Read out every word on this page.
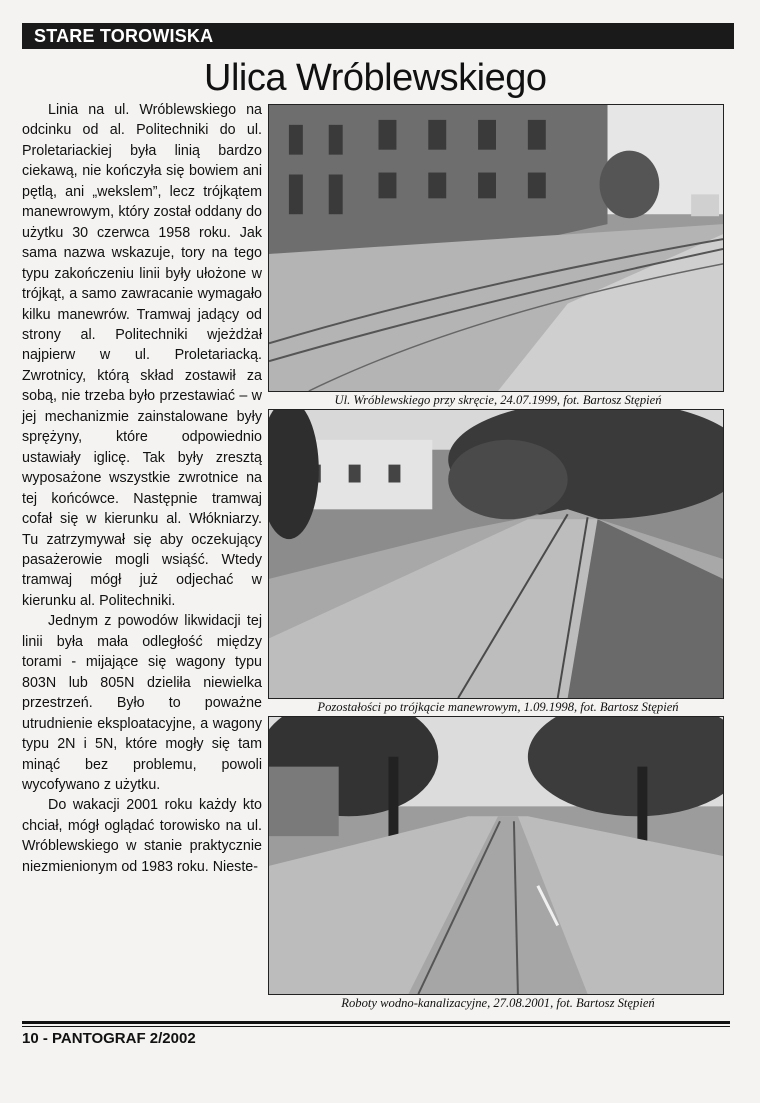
STARE TOROWISKA
Ulica Wróblewskiego

Linia na ul. Wróblewskiego na odcinku od al. Politechniki do ul. Proletariackiej była linią bardzo ciekawą, nie kończyła się bowiem ani pętlą, ani „wekslem”, lecz trójkątem manewrowym, który został oddany do użytku 30 czerwca 1958 roku. Jak sama nazwa wskazuje, tory na tego typu zakończeniu linii były ułożone w trójkąt, a samo zawracanie wymagało kilku manewrów. Tramwaj jadący od strony al. Politechniki wjeżdżał najpierw w ul. Proletariacką. Zwrotnicy, którą skład zostawił za sobą, nie trzeba było przestawiać – w jej mechanizmie zainstalowane były sprężyny, które odpowiednio ustawiały iglicę. Tak były zresztą wyposażone wszystkie zwrotnice na tej końcówce. Następnie tramwaj cofał się w kierunku al. Włókniarzy. Tu zatrzymywał się aby oczekujący pasażerowie mogli wsiąść. Wtedy tramwaj mógł już odjechać w kierunku al. Politechniki.

Jednym z powodów likwidacji tej linii była mała odległość między torami - mijające się wagony typu 803N lub 805N dzieliła niewielka przestrzeń. Było to poważne utrudnienie eksploatacyjne, a wagony typu 2N i 5N, które mogły się tam minąć bez problemu, powoli wycofywano z użytku.

Do wakacji 2001 roku każdy kto chciał, mógł oglądać torowisko na ul. Wróblewskiego w stanie praktycznie niezmienionym od 1983 roku. Nieste-

Ul. Wróblewskiego przy skręcie, 24.07.1999, fot. Bartosz Stępień
Pozostałości po trójkącie manewrowym, 1.09.1998, fot. Bartosz Stępień
Roboty wodno-kanalizacyjne, 27.08.2001, fot. Bartosz Stępień
10 - PANTOGRAF 2/2002
